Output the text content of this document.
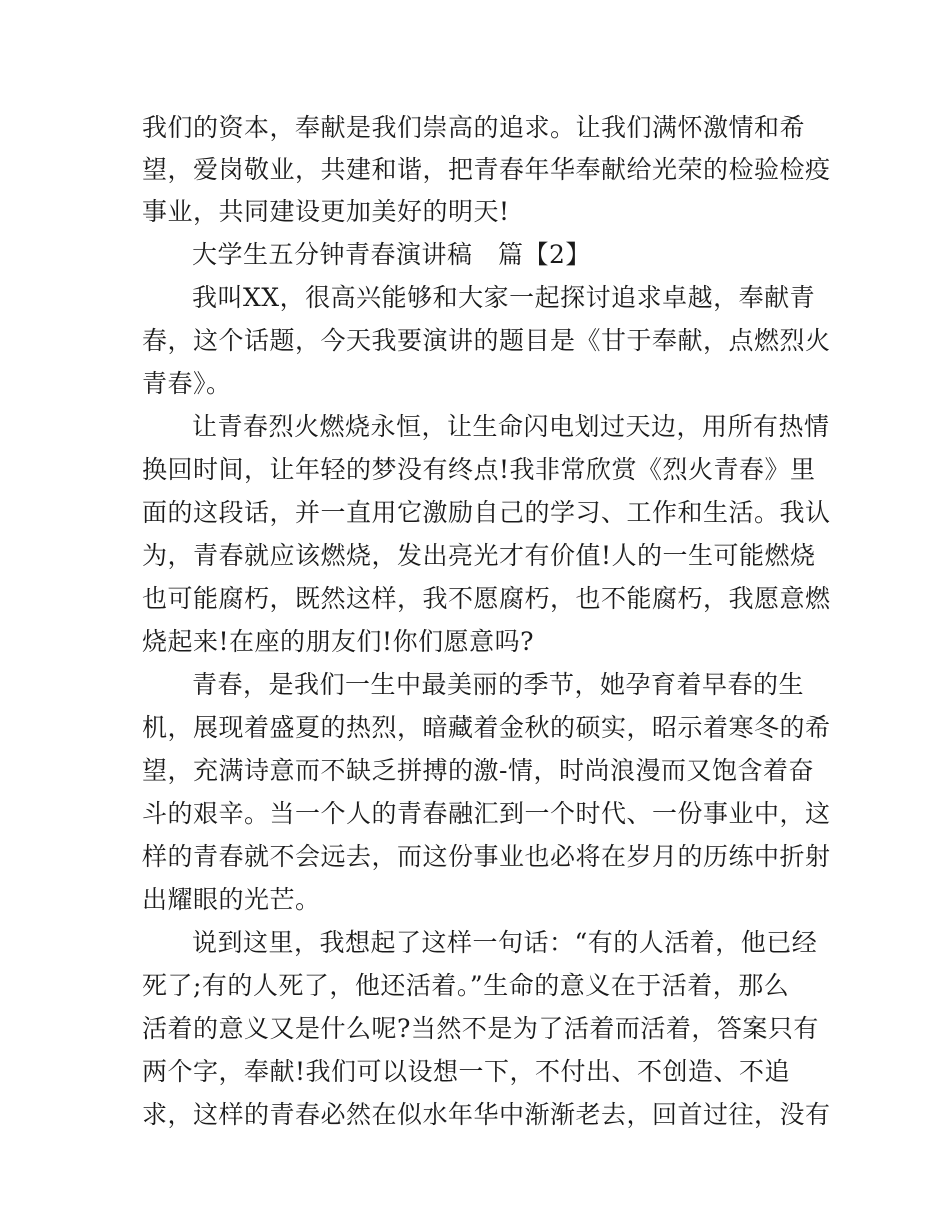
我们的资本，奉献是我们崇高的追求。让我们满怀激情和希
望，爱岗敬业，共建和谐，把青春年华奉献给光荣的检验检疫
事业，共同建设更加美好的明天!
大学生五分钟青春演讲稿　篇【2】
我叫XX，很高兴能够和大家一起探讨追求卓越，奉献青
春，这个话题，今天我要演讲的题目是《甘于奉献，点燃烈火
青春》。
让青春烈火燃烧永恒，让生命闪电划过天边，用所有热情
换回时间，让年轻的梦没有终点!我非常欣赏《烈火青春》里
面的这段话，并一直用它激励自己的学习、工作和生活。我认
为，青春就应该燃烧，发出亮光才有价值!人的一生可能燃烧
也可能腐朽，既然这样，我不愿腐朽，也不能腐朽，我愿意燃
烧起来!在座的朋友们!你们愿意吗?
青春，是我们一生中最美丽的季节，她孕育着早春的生
机，展现着盛夏的热烈，暗藏着金秋的硕实，昭示着寒冬的希
望，充满诗意而不缺乏拼搏的激-情，时尚浪漫而又饱含着奋
斗的艰辛。当一个人的青春融汇到一个时代、一份事业中，这
样的青春就不会远去，而这份事业也必将在岁月的历练中折射
出耀眼的光芒。
说到这里，我想起了这样一句话：“有的人活着，他已经
死了;有的人死了，他还活着。”生命的意义在于活着，那么
活着的意义又是什么呢?当然不是为了活着而活着，答案只有
两个字，奉献!我们可以设想一下，不付出、不创造、不追
求，这样的青春必然在似水年华中渐渐老去，回首过往，没有
